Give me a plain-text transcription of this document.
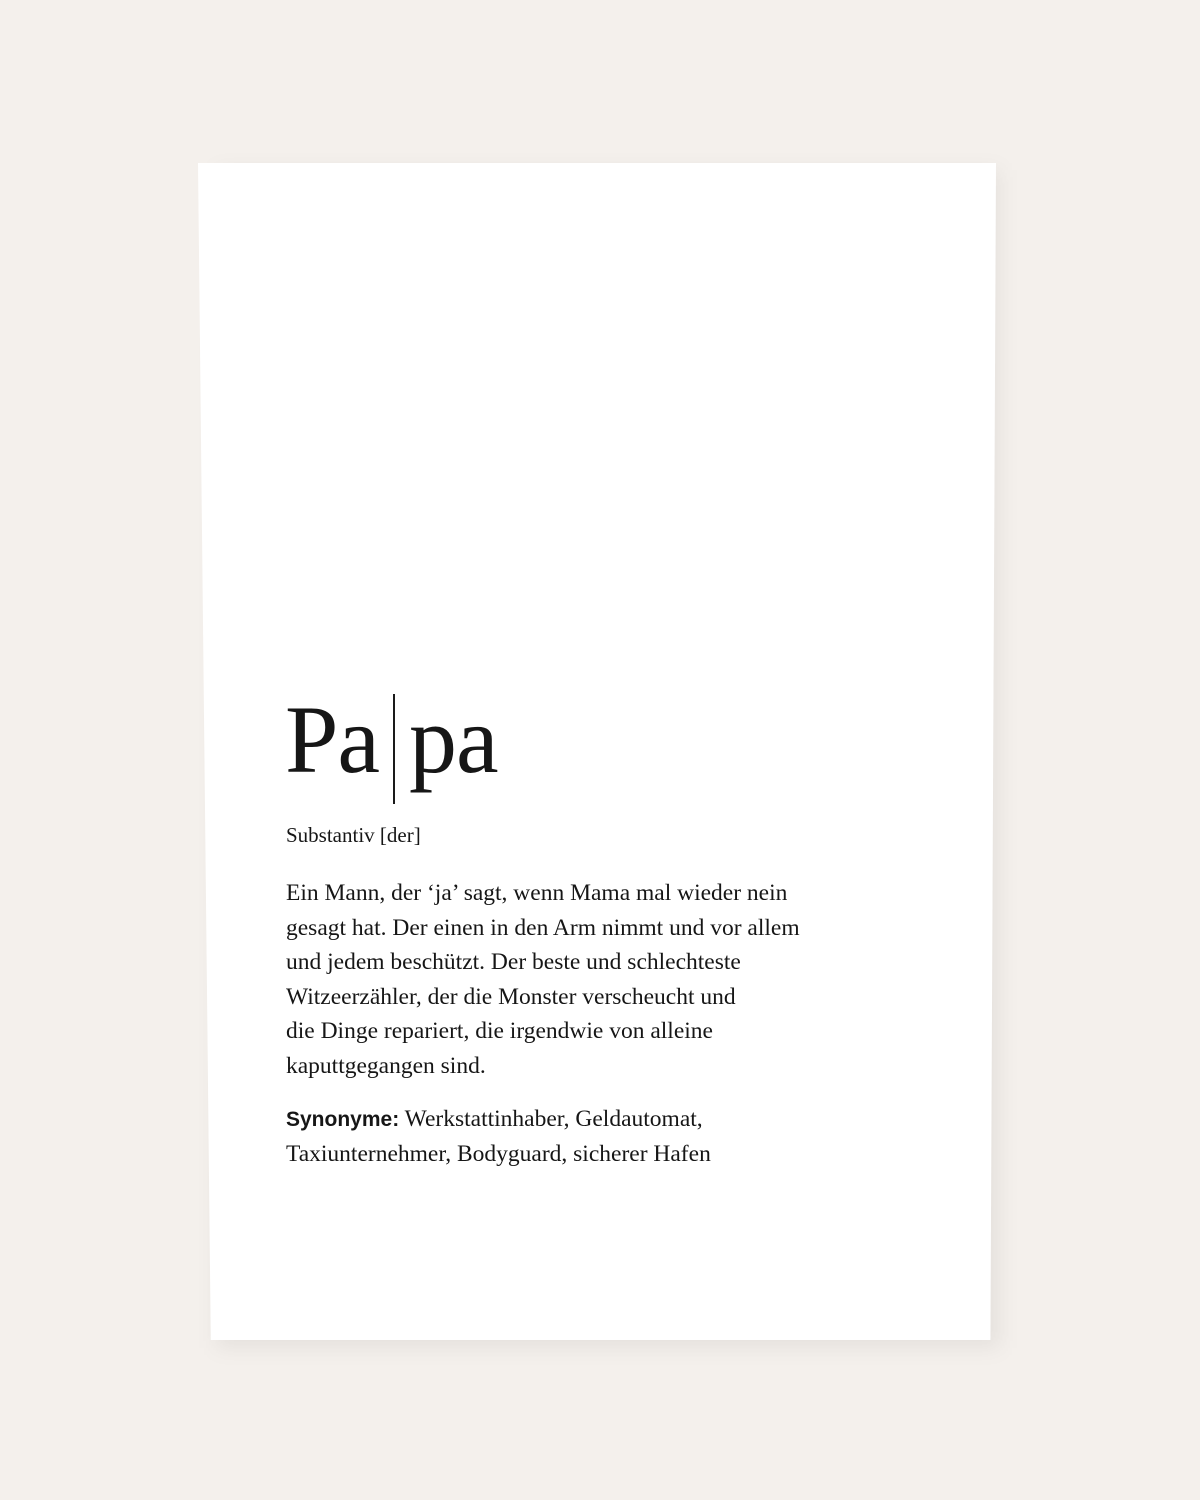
Pa pa
Substantiv [der]
Ein Mann, der ‘ja’ sagt, wenn Mama mal wieder nein
gesagt hat. Der einen in den Arm nimmt und vor allem
und jedem beschützt. Der beste und schlechteste
Witzeerzähler, der die Monster verscheucht und
die Dinge repariert, die irgendwie von alleine
kaputtgegangen sind.
Synonyme: Werkstattinhaber, Geldautomat,
Taxiunternehmer, Bodyguard, sicherer Hafen
